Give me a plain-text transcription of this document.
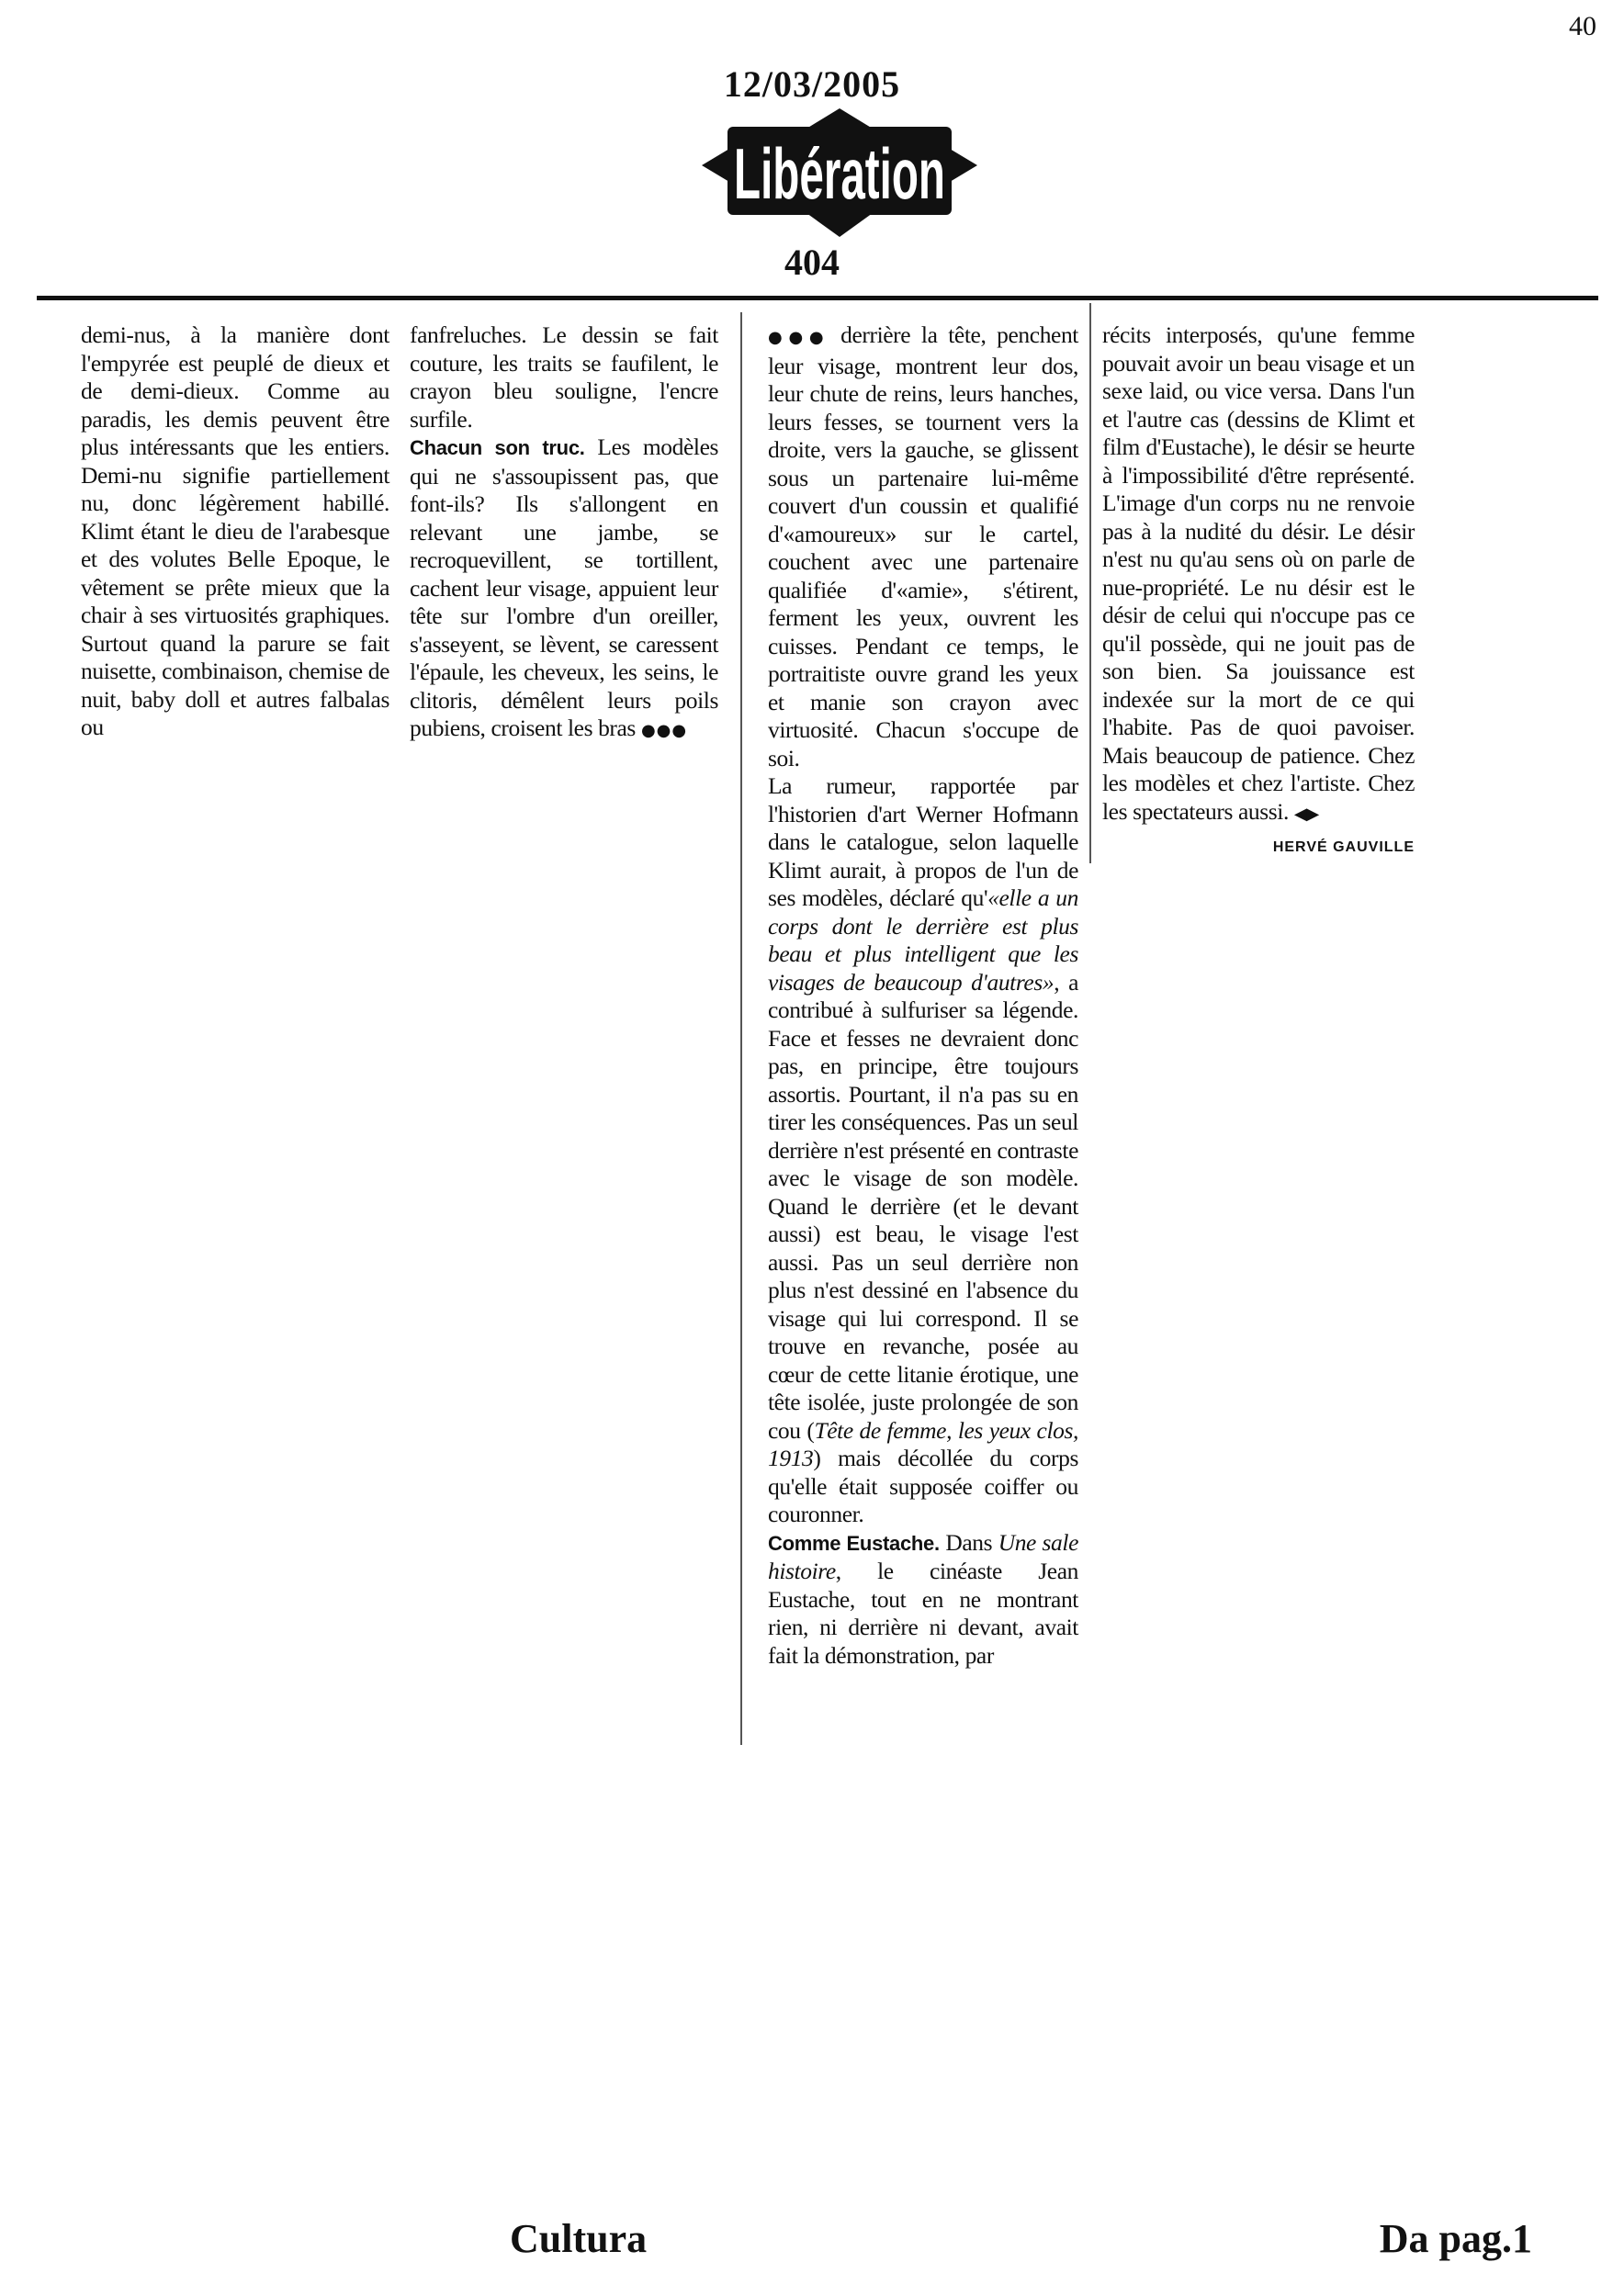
40
12/03/2005
Libération
404

demi-nus, à la manière dont l'empyrée est peuplé de dieux et de demi-dieux. Comme au paradis, les demis peuvent être plus intéressants que les entiers. Demi-nu signifie partiellement nu, donc légèrement habillé. Klimt étant le dieu de l'arabesque et des volutes Belle Epoque, le vêtement se prête mieux que la chair à ses virtuosités graphiques. Surtout quand la parure se fait nuisette, combinaison, chemise de nuit, baby doll et autres falbalas ou

fanfreluches. Le dessin se fait couture, les traits se faufilent, le crayon bleu souligne, l'encre surfile.

Chacun son truc. Les modèles qui ne s'assoupissent pas, que font-ils? Ils s'allongent en relevant une jambe, se recroquevillent, se tortillent, cachent leur visage, appuient leur tête sur l'ombre d'un oreiller, s'asseyent, se lèvent, se caressent l'épaule, les cheveux, les seins, le clitoris, démêlent leurs poils pubiens, croisent les bras ●●●

●●● derrière la tête, penchent leur visage, montrent leur dos, leur chute de reins, leurs hanches, leurs fesses, se tournent vers la droite, vers la gauche, se glissent sous un partenaire lui-même couvert d'un coussin et qualifié d'«amoureux» sur le cartel, couchent avec une partenaire qualifiée d'«amie», s'étirent, ferment les yeux, ouvrent les cuisses. Pendant ce temps, le portraitiste ouvre grand les yeux et manie son crayon avec virtuosité. Chacun s'occupe de soi.

La rumeur, rapportée par l'historien d'art Werner Hofmann dans le catalogue, selon laquelle Klimt aurait, à propos de l'un de ses modèles, déclaré qu'«elle a un corps dont le derrière est plus beau et plus intelligent que les visages de beaucoup d'autres», a contribué à sulfuriser sa légende. Face et fesses ne devraient donc pas, en principe, être toujours assortis. Pourtant, il n'a pas su en tirer les conséquences. Pas un seul derrière n'est présenté en contraste avec le visage de son modèle. Quand le derrière (et le devant aussi) est beau, le visage l'est aussi. Pas un seul derrière non plus n'est dessiné en l'absence du visage qui lui correspond. Il se trouve en revanche, posée au cœur de cette litanie érotique, une tête isolée, juste prolongée de son cou (Tête de femme, les yeux clos, 1913) mais décollée du corps qu'elle était supposée coiffer ou couronner.

Comme Eustache. Dans Une sale histoire, le cinéaste Jean Eustache, tout en ne montrant rien, ni derrière ni devant, avait fait la démonstration, par

récits interposés, qu'une femme pouvait avoir un beau visage et un sexe laid, ou vice versa. Dans l'un et l'autre cas (dessins de Klimt et film d'Eustache), le désir se heurte à l'impossibilité d'être représenté. L'image d'un corps nu ne renvoie pas à la nudité du désir. Le désir n'est nu qu'au sens où on parle de nue-propriété. Le nu désir est le désir de celui qui n'occupe pas ce qu'il possède, qui ne jouit pas de son bien. Sa jouissance est indexée sur la mort de ce qui l'habite. Pas de quoi pavoiser. Mais beaucoup de patience. Chez les modèles et chez l'artiste. Chez les spectateurs aussi. ◀▶

HERVÉ GAUVILLE

Cultura	Da pag.1
